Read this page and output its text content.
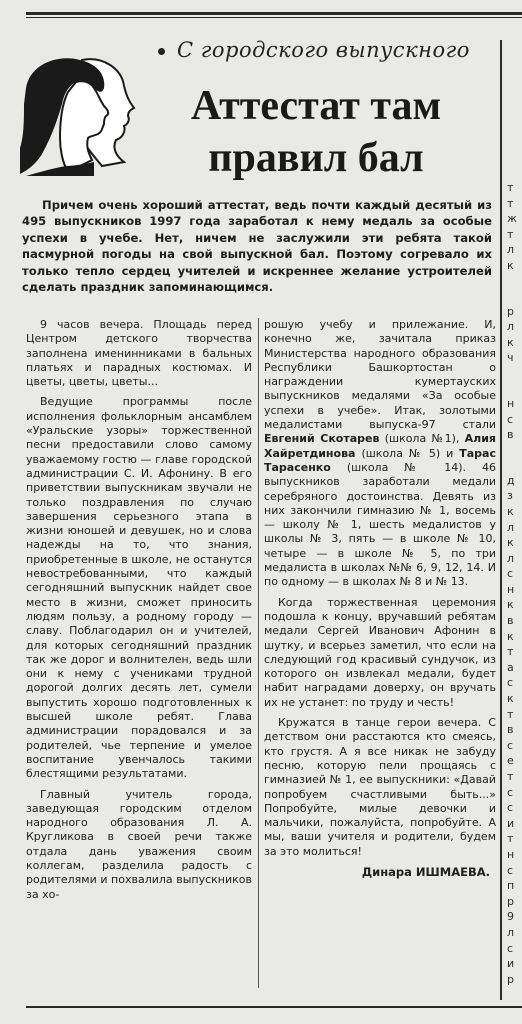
С городского выпускного
Аттестат там
правил бал

Причем очень хороший аттестат, ведь почти каждый десятый из 495 выпускников 1997 года заработал к нему медаль за особые успехи в учебе. Нет, ничем не заслужили эти ребята такой пасмурной погоды на свой выпускной бал. Поэтому согревало их только тепло сердец учителей и искреннее желание устроителей сделать праздник запоминающимся.

9 часов вечера. Площадь перед Центром детского творчества заполнена именинниками в бальных платьях и парадных костюмах. И цветы, цветы, цветы...

Ведущие программы после исполнения фольклорным ансамблем «Уральские узоры» торжественной песни предоставили слово самому уважаемому гостю — главе городской администрации С. И. Афонину. В его приветствии выпускникам звучали не только поздравления по случаю завершения серьезного этапа в жизни юношей и девушек, но и слова надежды на то, что знания, приобретенные в школе, не останутся невостребованными, что каждый сегодняшний выпускник найдет свое место в жизни, сможет приносить людям пользу, а родному городу — славу. Поблагодарил он и учителей, для которых сегодняшний праздник так же дорог и волнителен, ведь шли они к нему с учениками трудной дорогой долгих десять лет, сумели выпустить хорошо подготовленных к высшей школе ребят. Глава администрации порадовался и за родителей, чье терпение и умелое воспитание увенчалось такими блестящими результатами.

Главный учитель города, заведующая городским отделом народного образования Л. А. Кругликова в своей речи также отдала дань уважения своим коллегам, разделила радость с родителями и похвалила выпускников за хо-

рошую учебу и прилежание. И, конечно же, зачитала приказ Министерства народного образования Республики Башкортостан о награждении кумертауских выпускников медалями «За особые успехи в учебе». Итак, золотыми медалистами выпуска-97 стали Евгений Скотарев (школа №1), Алия Хайретдинова (школа № 5) и Тарас Тарасенко (школа № 14). 46 выпускников заработали медали серебряного достоинства. Девять из них закончили гимназию № 1, восемь — школу № 1, шесть медалистов у школы № 3, пять — в школе № 10, четыре — в школе № 5, по три медалиста в школах №№ 6, 9, 12, 14. И по одному — в школах № 8 и № 13.

Когда торжественная церемония подошла к концу, вручавший ребятам медали Сергей Иванович Афонин в шутку, и всерьез заметил, что если на следующий год красивый сундучок, из которого он извлекал медали, будет набит наградами доверху, он вручать их не устанет: по труду и честь!

Кружатся в танце герои вечера. С детством они расстаются кто смеясь, кто грустя. А я все никак не забуду песню, которую пели прощаясь с гимназией № 1, ее выпускники: «Давай попробуем счастливыми быть...» Попробуйте, милые девочки и мальчики, пожалуйста, попробуйте. А мы, ваши учителя и родители, будем за это молиться!

Динара ИШМАЕВА.
т
т
ж
т
л
к
р
л
к
ч
н
с
в
д
з
к
л
к
л
с
н
к
в
к
т
а
с
к
т
в
с
е
т
с
с
и
т
н
с
п
р
9
л
с
и
р
